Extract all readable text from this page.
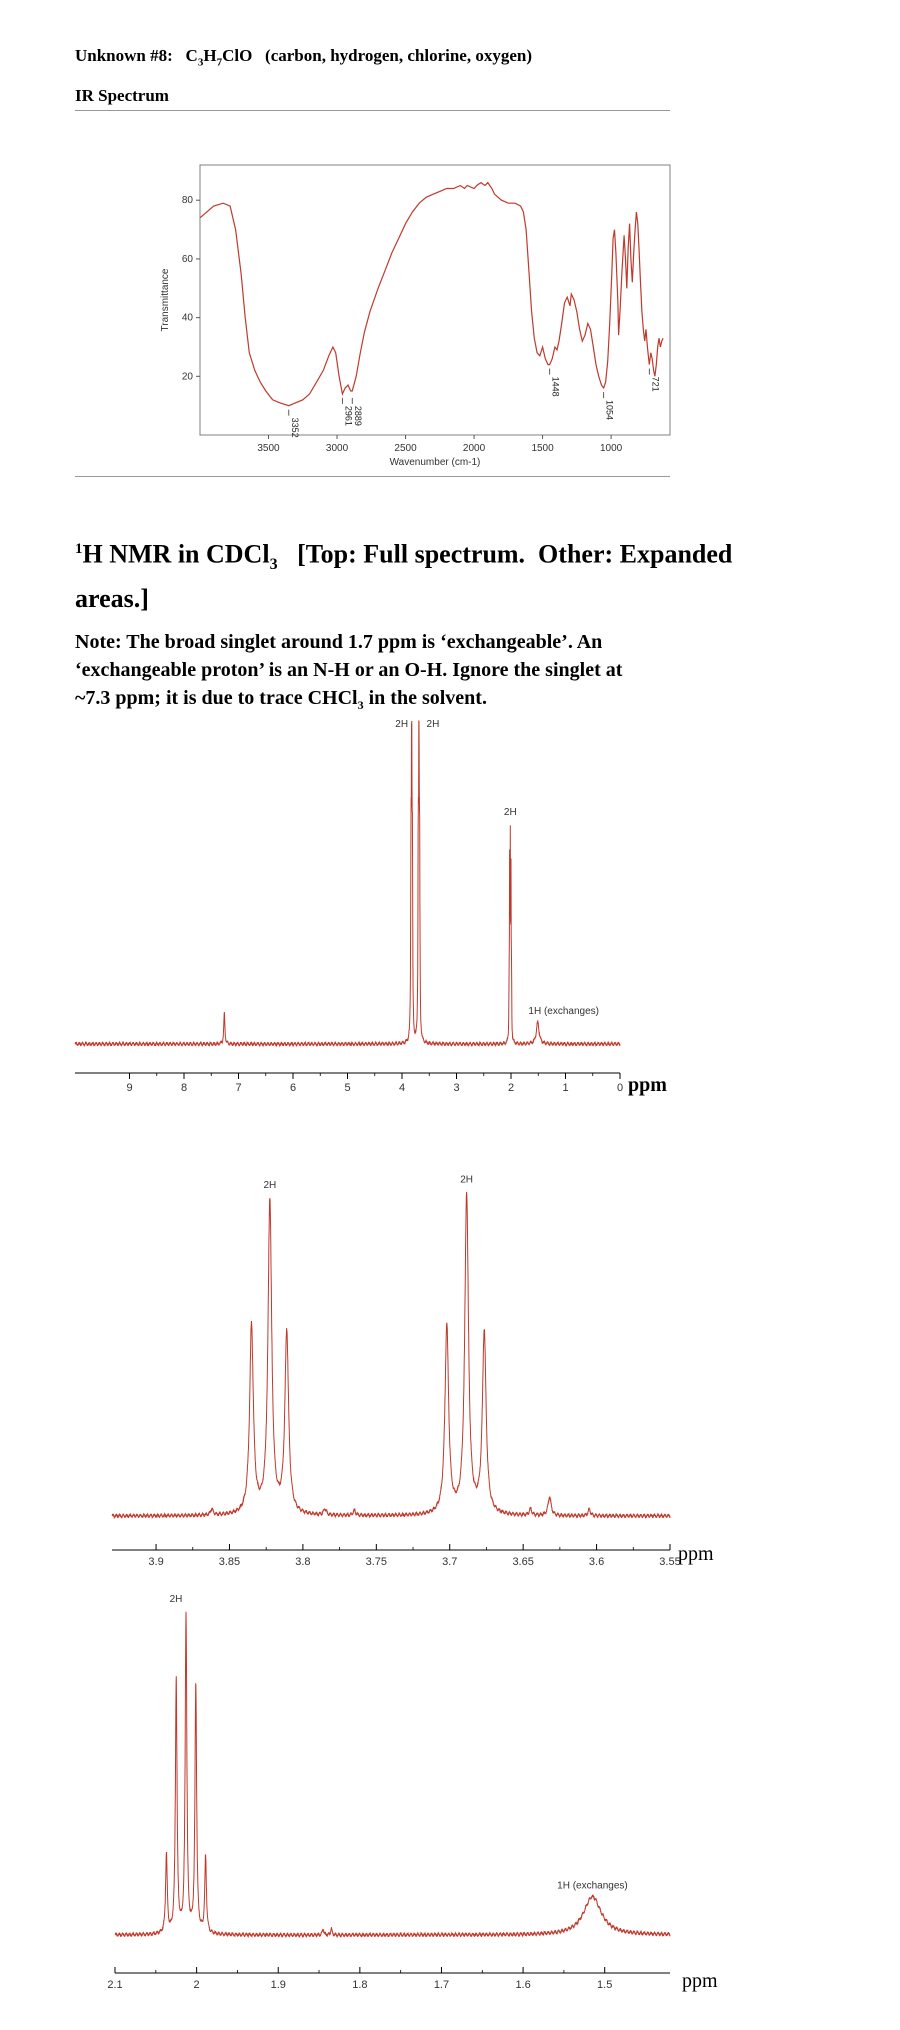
Unknown #8: $C_3H_7ClO$ (carbon, hydrogen, chlorine, oxygen)
IR Spectrum
3500	3000	2500	2000	1500	1000
20
40
60
80
Wavenumber (cm-1)
Transmittance
3352
2961 2889
1448
1054
721
$^1$H NMR in CDCl$_3$   [Top: Full spectrum.  Other: Expanded
areas.]
Note: The broad singlet around 1.7 ppm is ‘exchangeable’. An
‘exchangeable proton’ is an N-H or an O-H. Ignore the singlet at
~7.3 ppm; it is due to trace CHCl$_3$ in the solvent.
9	8	7	6	5	4	3	2	1	0 ppm
2H 2H
2H
1H (exchanges)
3.9	3.85	3.8	3.75	3.7	3.65	3.6	3.55
ppm
2H
2H
2.1	2	1.9	1.8	1.7	1.6	1.5	ppm
2H
1H (exchanges)
